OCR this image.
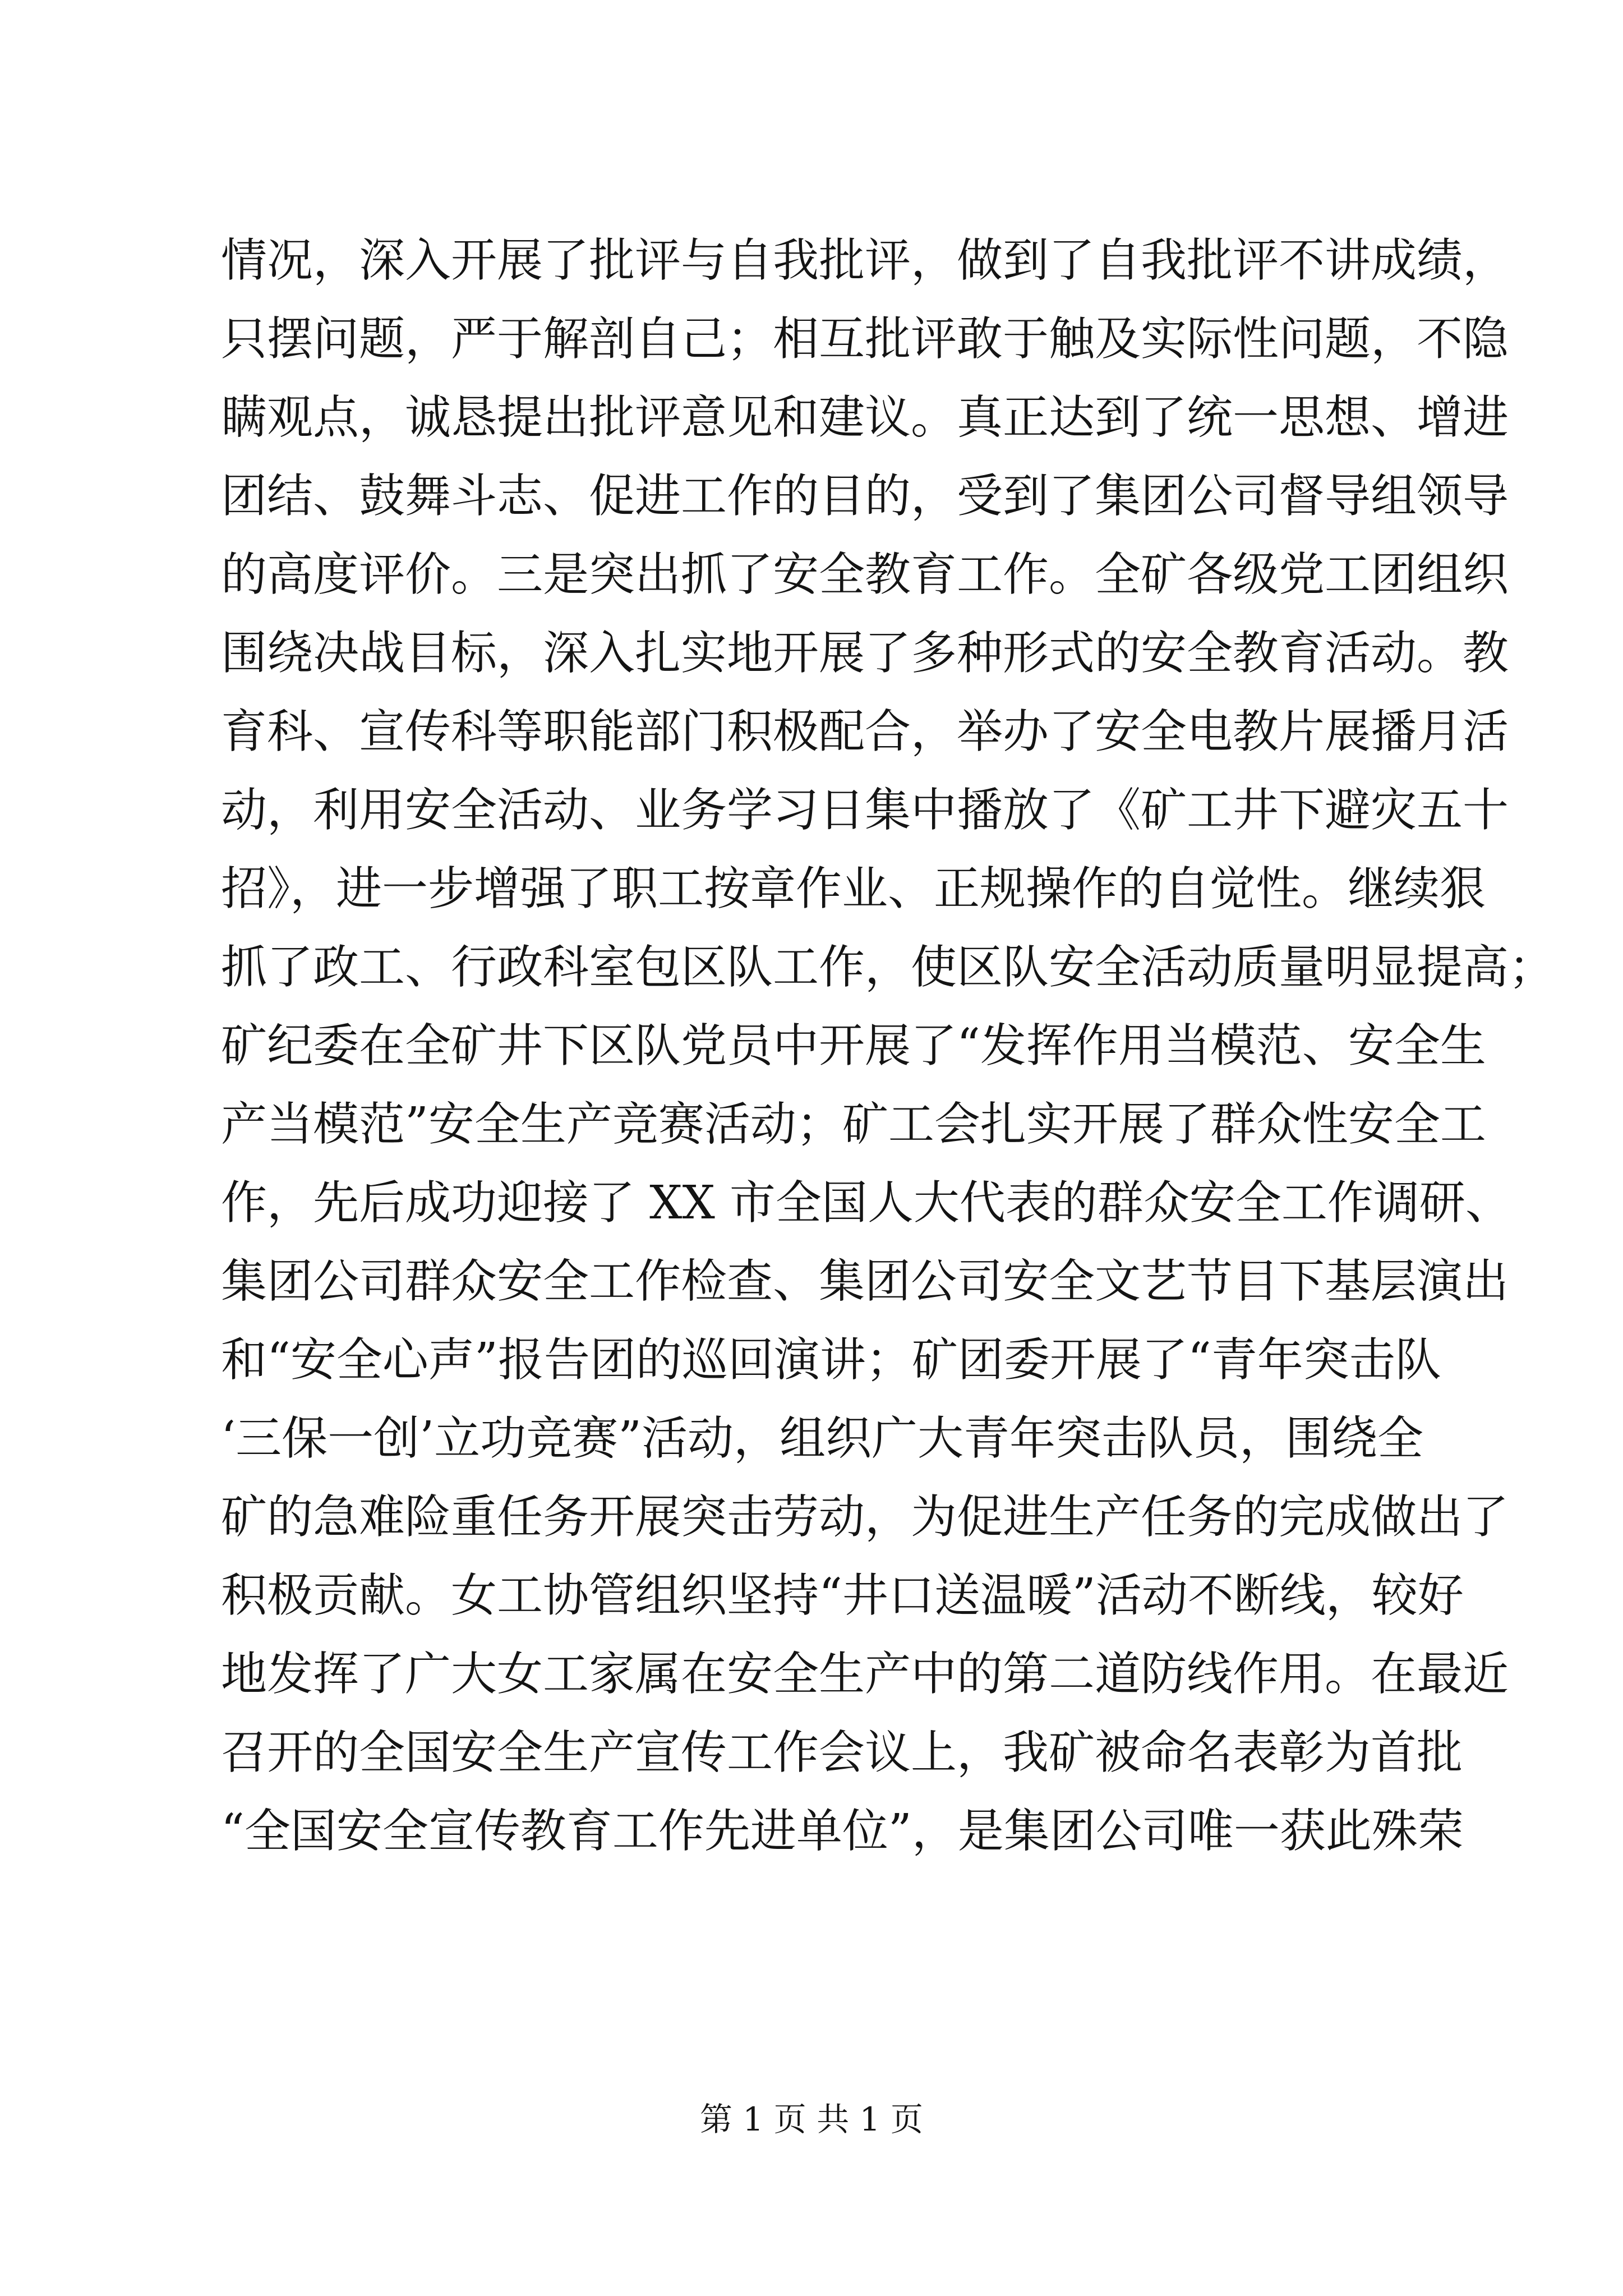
情况，深入开展了批评与自我批评，做到了自我批评不讲成绩，
只摆问题，严于解剖自己；相互批评敢于触及实际性问题，不隐
瞒观点，诚恳提出批评意见和建议。真正达到了统一思想、增进
团结、鼓舞斗志、促进工作的目的，受到了集团公司督导组领导
的高度评价。三是突出抓了安全教育工作。全矿各级党工团组织
围绕决战目标，深入扎实地开展了多种形式的安全教育活动。教
育科、宣传科等职能部门积极配合，举办了安全电教片展播月活
动，利用安全活动、业务学习日集中播放了《矿工井下避灾五十
招》，进一步增强了职工按章作业、正规操作的自觉性。继续狠
抓了政工、行政科室包区队工作，使区队安全活动质量明显提高；
矿纪委在全矿井下区队党员中开展了“发挥作用当模范、安全生
产当模范”安全生产竞赛活动；矿工会扎实开展了群众性安全工
作，先后成功迎接了 XX 市全国人大代表的群众安全工作调研、
集团公司群众安全工作检查、集团公司安全文艺节目下基层演出
和“安全心声”报告团的巡回演讲；矿团委开展了“青年突击队
‘三保一创’立功竞赛”活动，组织广大青年突击队员，围绕全
矿的急难险重任务开展突击劳动，为促进生产任务的完成做出了
积极贡献。女工协管组织坚持“井口送温暖”活动不断线，较好
地发挥了广大女工家属在安全生产中的第二道防线作用。在最近
召开的全国安全生产宣传工作会议上，我矿被命名表彰为首批
“全国安全宣传教育工作先进单位”，是集团公司唯一获此殊荣
第 1 页 共 1 页
